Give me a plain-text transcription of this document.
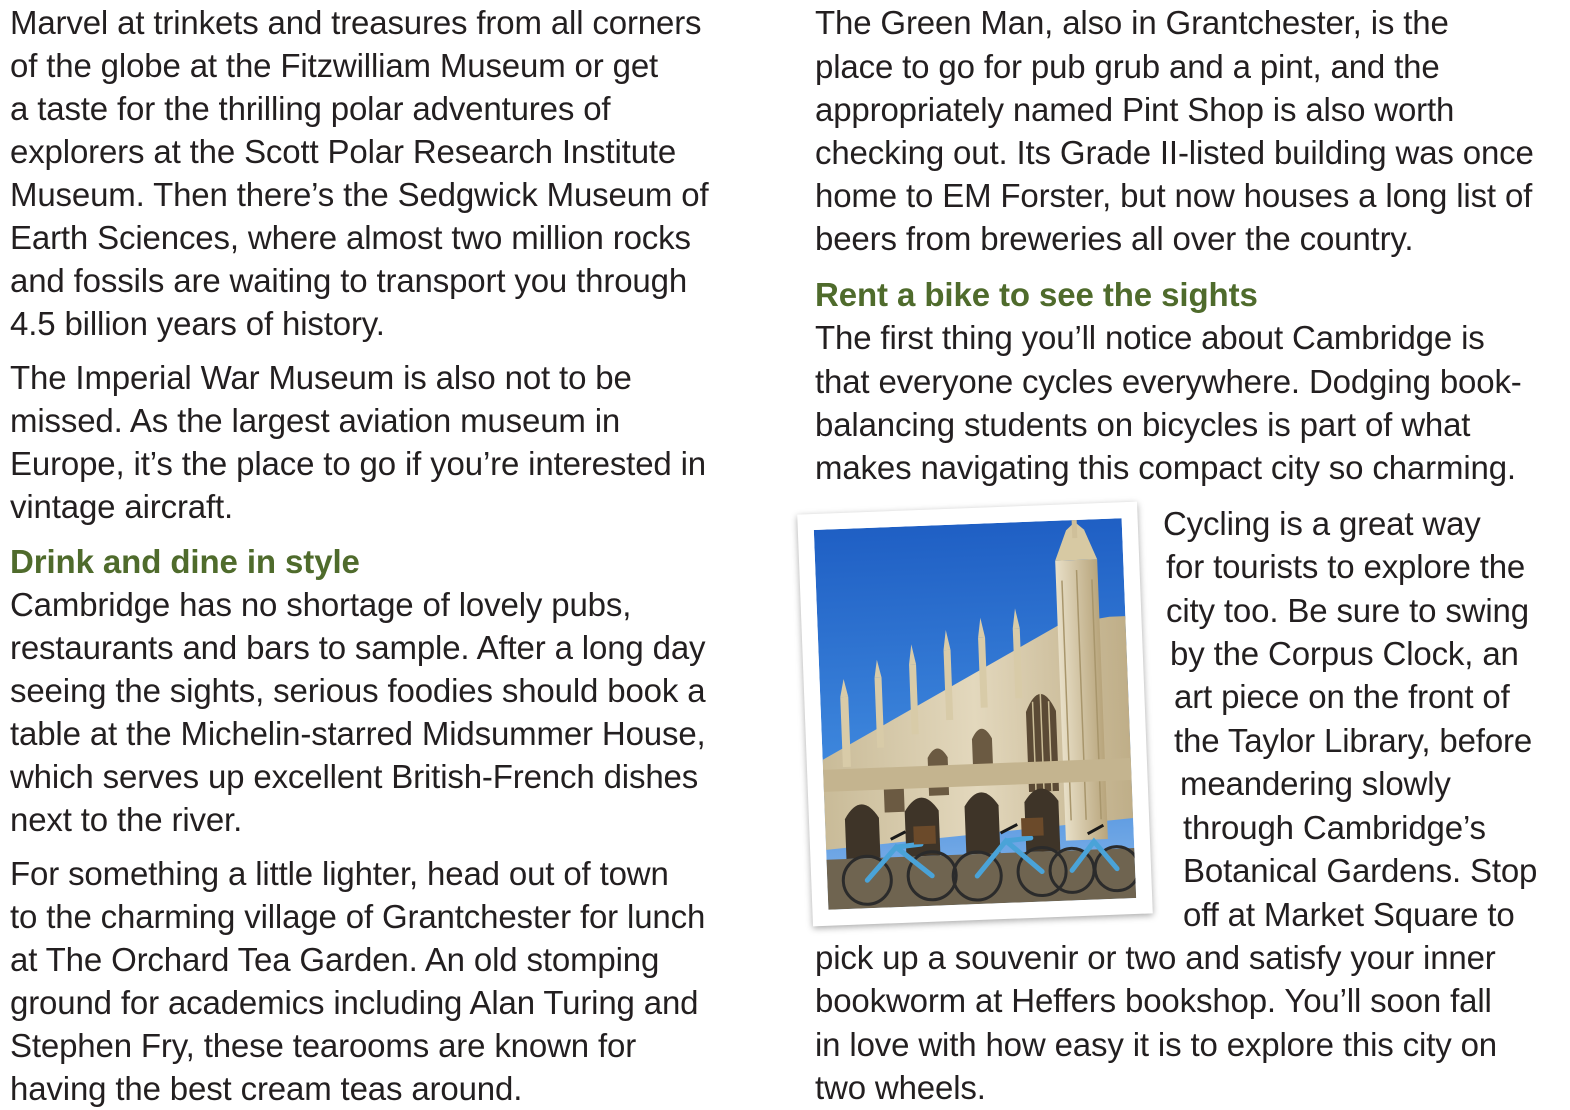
Marvel at trinkets and treasures from all corners
of the globe at the Fitzwilliam Museum or get
a taste for the thrilling polar adventures of
explorers at the Scott Polar Research Institute
Museum. Then there’s the Sedgwick Museum of
Earth Sciences, where almost two million rocks
and fossils are waiting to transport you through
4.5 billion years of history.
The Imperial War Museum is also not to be
missed. As the largest aviation museum in
Europe, it’s the place to go if you’re interested in
vintage aircraft.
Drink and dine in style
Cambridge has no shortage of lovely pubs,
restaurants and bars to sample. After a long day
seeing the sights, serious foodies should book a
table at the Michelin-starred Midsummer House,
which serves up excellent British-French dishes
next to the river.
For something a little lighter, head out of town
to the charming village of Grantchester for lunch
at The Orchard Tea Garden. An old stomping
ground for academics including Alan Turing and
Stephen Fry, these tearooms are known for
having the best cream teas around.
The Green Man, also in Grantchester, is the
place to go for pub grub and a pint, and the
appropriately named Pint Shop is also worth
checking out. Its Grade II-listed building was once
home to EM Forster, but now houses a long list of
beers from breweries all over the country.
Rent a bike to see the sights
The first thing you’ll notice about Cambridge is
that everyone cycles everywhere. Dodging book-
balancing students on bicycles is part of what
makes navigating this compact city so charming.
Cycling is a great way
for tourists to explore the
city too. Be sure to swing
by the Corpus Clock, an
art piece on the front of
the Taylor Library, before
meandering slowly
through Cambridge’s
Botanical Gardens. Stop
off at Market Square to
pick up a souvenir or two and satisfy your inner
bookworm at Heffers bookshop. You’ll soon fall
in love with how easy it is to explore this city on
two wheels.
